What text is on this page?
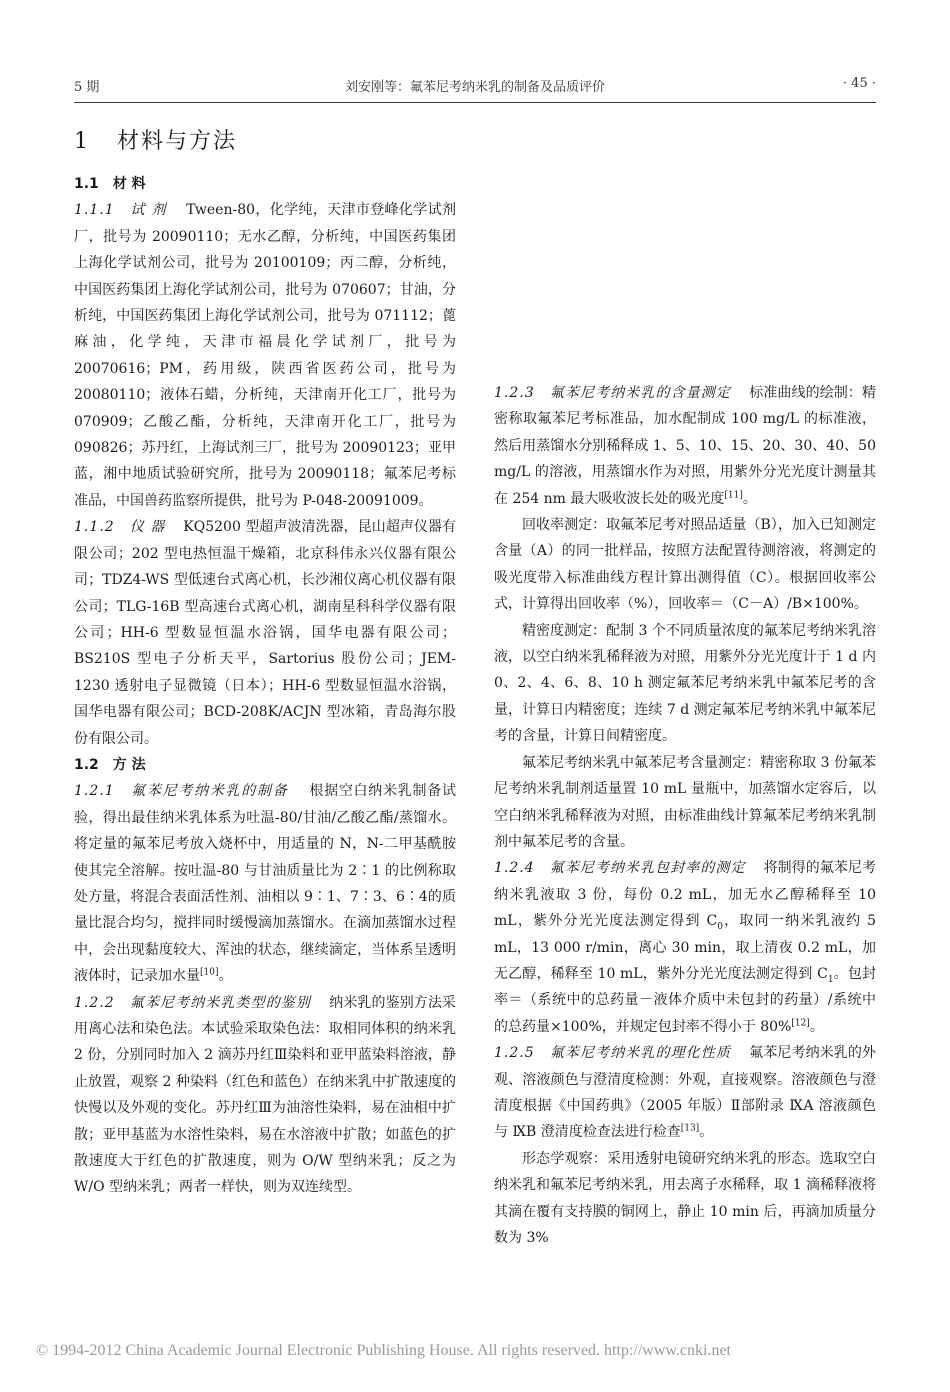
5 期	刘安刚等：氟苯尼考纳米乳的制备及品质评价	· 45 ·
1 材料与方法

1.1　材 料

1.1.1　试 剂 Tween-80，化学纯，天津市登峰化学试剂厂，批号为 20090110；无水乙醇，分析纯，中国医药集团上海化学试剂公司，批号为 20100109；丙二醇，分析纯，中国医药集团上海化学试剂公司，批号为 070607；甘油，分析纯，中国医药集团上海化学试剂公司，批号为 071112；蓖麻油，化学纯，天津市福晨化学试剂厂，批号为 20070616；PM，药用级，陕西省医药公司，批号为 20080110；液体石蜡，分析纯，天津南开化工厂，批号为 070909；乙酸乙酯，分析纯，天津南开化工厂，批号为 090826；苏丹红，上海试剂三厂，批号为 20090123；亚甲蓝，湘中地质试验研究所，批号为 20090118；氟苯尼考标准品，中国兽药监察所提供，批号为 P-048-20091009。

1.1.2　仪 器 KQ5200 型超声波清洗器，昆山超声仪器有限公司；202 型电热恒温干燥箱，北京科伟永兴仪器有限公司；TDZ4-WS 型低速台式离心机，长沙湘仪离心机仪器有限公司；TLG-16B 型高速台式离心机，湖南星科科学仪器有限公司；HH-6 型数显恒温水浴锅，国华电器有限公司；BS210S 型电子分析天平，Sartorius 股份公司；JEM-1230 透射电子显微镜（日本）；HH-6 型数显恒温水浴锅，国华电器有限公司；BCD-208K/ACJN 型冰箱，青岛海尔股份有限公司。

1.2　方 法

1.2.1　氟苯尼考纳米乳的制备 根据空白纳米乳制备试验，得出最佳纳米乳体系为吐温-80/甘油/乙酸乙酯/蒸馏水。将定量的氟苯尼考放入烧杯中，用适量的 N，N-二甲基酰胺使其完全溶解。按吐温-80 与甘油质量比为 2∶1 的比例称取处方量，将混合表面活性剂、油相以 9∶1、7∶3、6∶4的质量比混合均匀，搅拌同时缓慢滴加蒸馏水。在滴加蒸馏水过程中，会出现黏度较大、浑浊的状态，继续滴定，当体系呈透明液体时，记录加水量[10]。

1.2.2　氟苯尼考纳米乳类型的鉴别 纳米乳的鉴别方法采用离心法和染色法。本试验采取染色法：取相同体积的纳米乳 2 份，分别同时加入 2 滴苏丹红Ⅲ染料和亚甲蓝染料溶液，静止放置，观察 2 种染料（红色和蓝色）在纳米乳中扩散速度的快慢以及外观的变化。苏丹红Ⅲ为油溶性染料，易在油相中扩散；亚甲基蓝为水溶性染料，易在水溶液中扩散；如蓝色的扩散速度大于红色的扩散速度，则为 O/W 型纳米乳；反之为 W/O 型纳米乳；两者一样快，则为双连续型。

1.2.3　氟苯尼考纳米乳的含量测定 标准曲线的绘制：精密称取氟苯尼考标准品，加水配制成 100 mg/L 的标准液，然后用蒸馏水分别稀释成 1、5、10、15、20、30、40、50 mg/L 的溶液，用蒸馏水作为对照，用紫外分光光度计测量其在 254 nm 最大吸收波长处的吸光度[11]。

回收率测定：取氟苯尼考对照品适量（B），加入已知测定含量（A）的同一批样品，按照方法配置待测溶液，将测定的吸光度带入标准曲线方程计算出测得值（C）。根据回收率公式，计算得出回收率（%），回收率＝（C－A）/B×100%。

精密度测定：配制 3 个不同质量浓度的氟苯尼考纳米乳溶液，以空白纳米乳稀释液为对照，用紫外分光光度计于 1 d 内 0、2、4、6、8、10 h 测定氟苯尼考纳米乳中氟苯尼考的含量，计算日内精密度；连续 7 d 测定氟苯尼考纳米乳中氟苯尼考的含量，计算日间精密度。

氟苯尼考纳米乳中氟苯尼考含量测定：精密称取 3 份氟苯尼考纳米乳制剂适量置 10 mL 量瓶中，加蒸馏水定容后，以空白纳米乳稀释液为对照，由标准曲线计算氟苯尼考纳米乳制剂中氟苯尼考的含量。

1.2.4　氟苯尼考纳米乳包封率的测定 将制得的氟苯尼考纳米乳液取 3 份，每份 0.2 mL，加无水乙醇稀释至 10 mL，紫外分光光度法测定得到 $C_0$，取同一纳米乳液约 5 mL，13 000 r/min，离心 30 min，取上清夜 0.2 mL，加无乙醇，稀释至 10 mL，紫外分光光度法测定得到 $C_1$。包封率＝（系统中的总药量－液体介质中未包封的药量）/系统中的总药量×100%，并规定包封率不得小于 80%[12]。

1.2.5　氟苯尼考纳米乳的理化性质 氟苯尼考纳米乳的外观、溶液颜色与澄清度检测：外观，直接观察。溶液颜色与澄清度根据《中国药典》（2005 年版）Ⅱ部附录 ⅨA 溶液颜色与 ⅨB 澄清度检查法进行检查[13]。

形态学观察：采用透射电镜研究纳米乳的形态。选取空白纳米乳和氟苯尼考纳米乳，用去离子水稀释，取 1 滴稀释液将其滴在覆有支持膜的铜网上，静止 10 min 后，再滴加质量分数为 3%

© 1994-2012 China Academic Journal Electronic Publishing House. All rights reserved. http://www.cnki.net
